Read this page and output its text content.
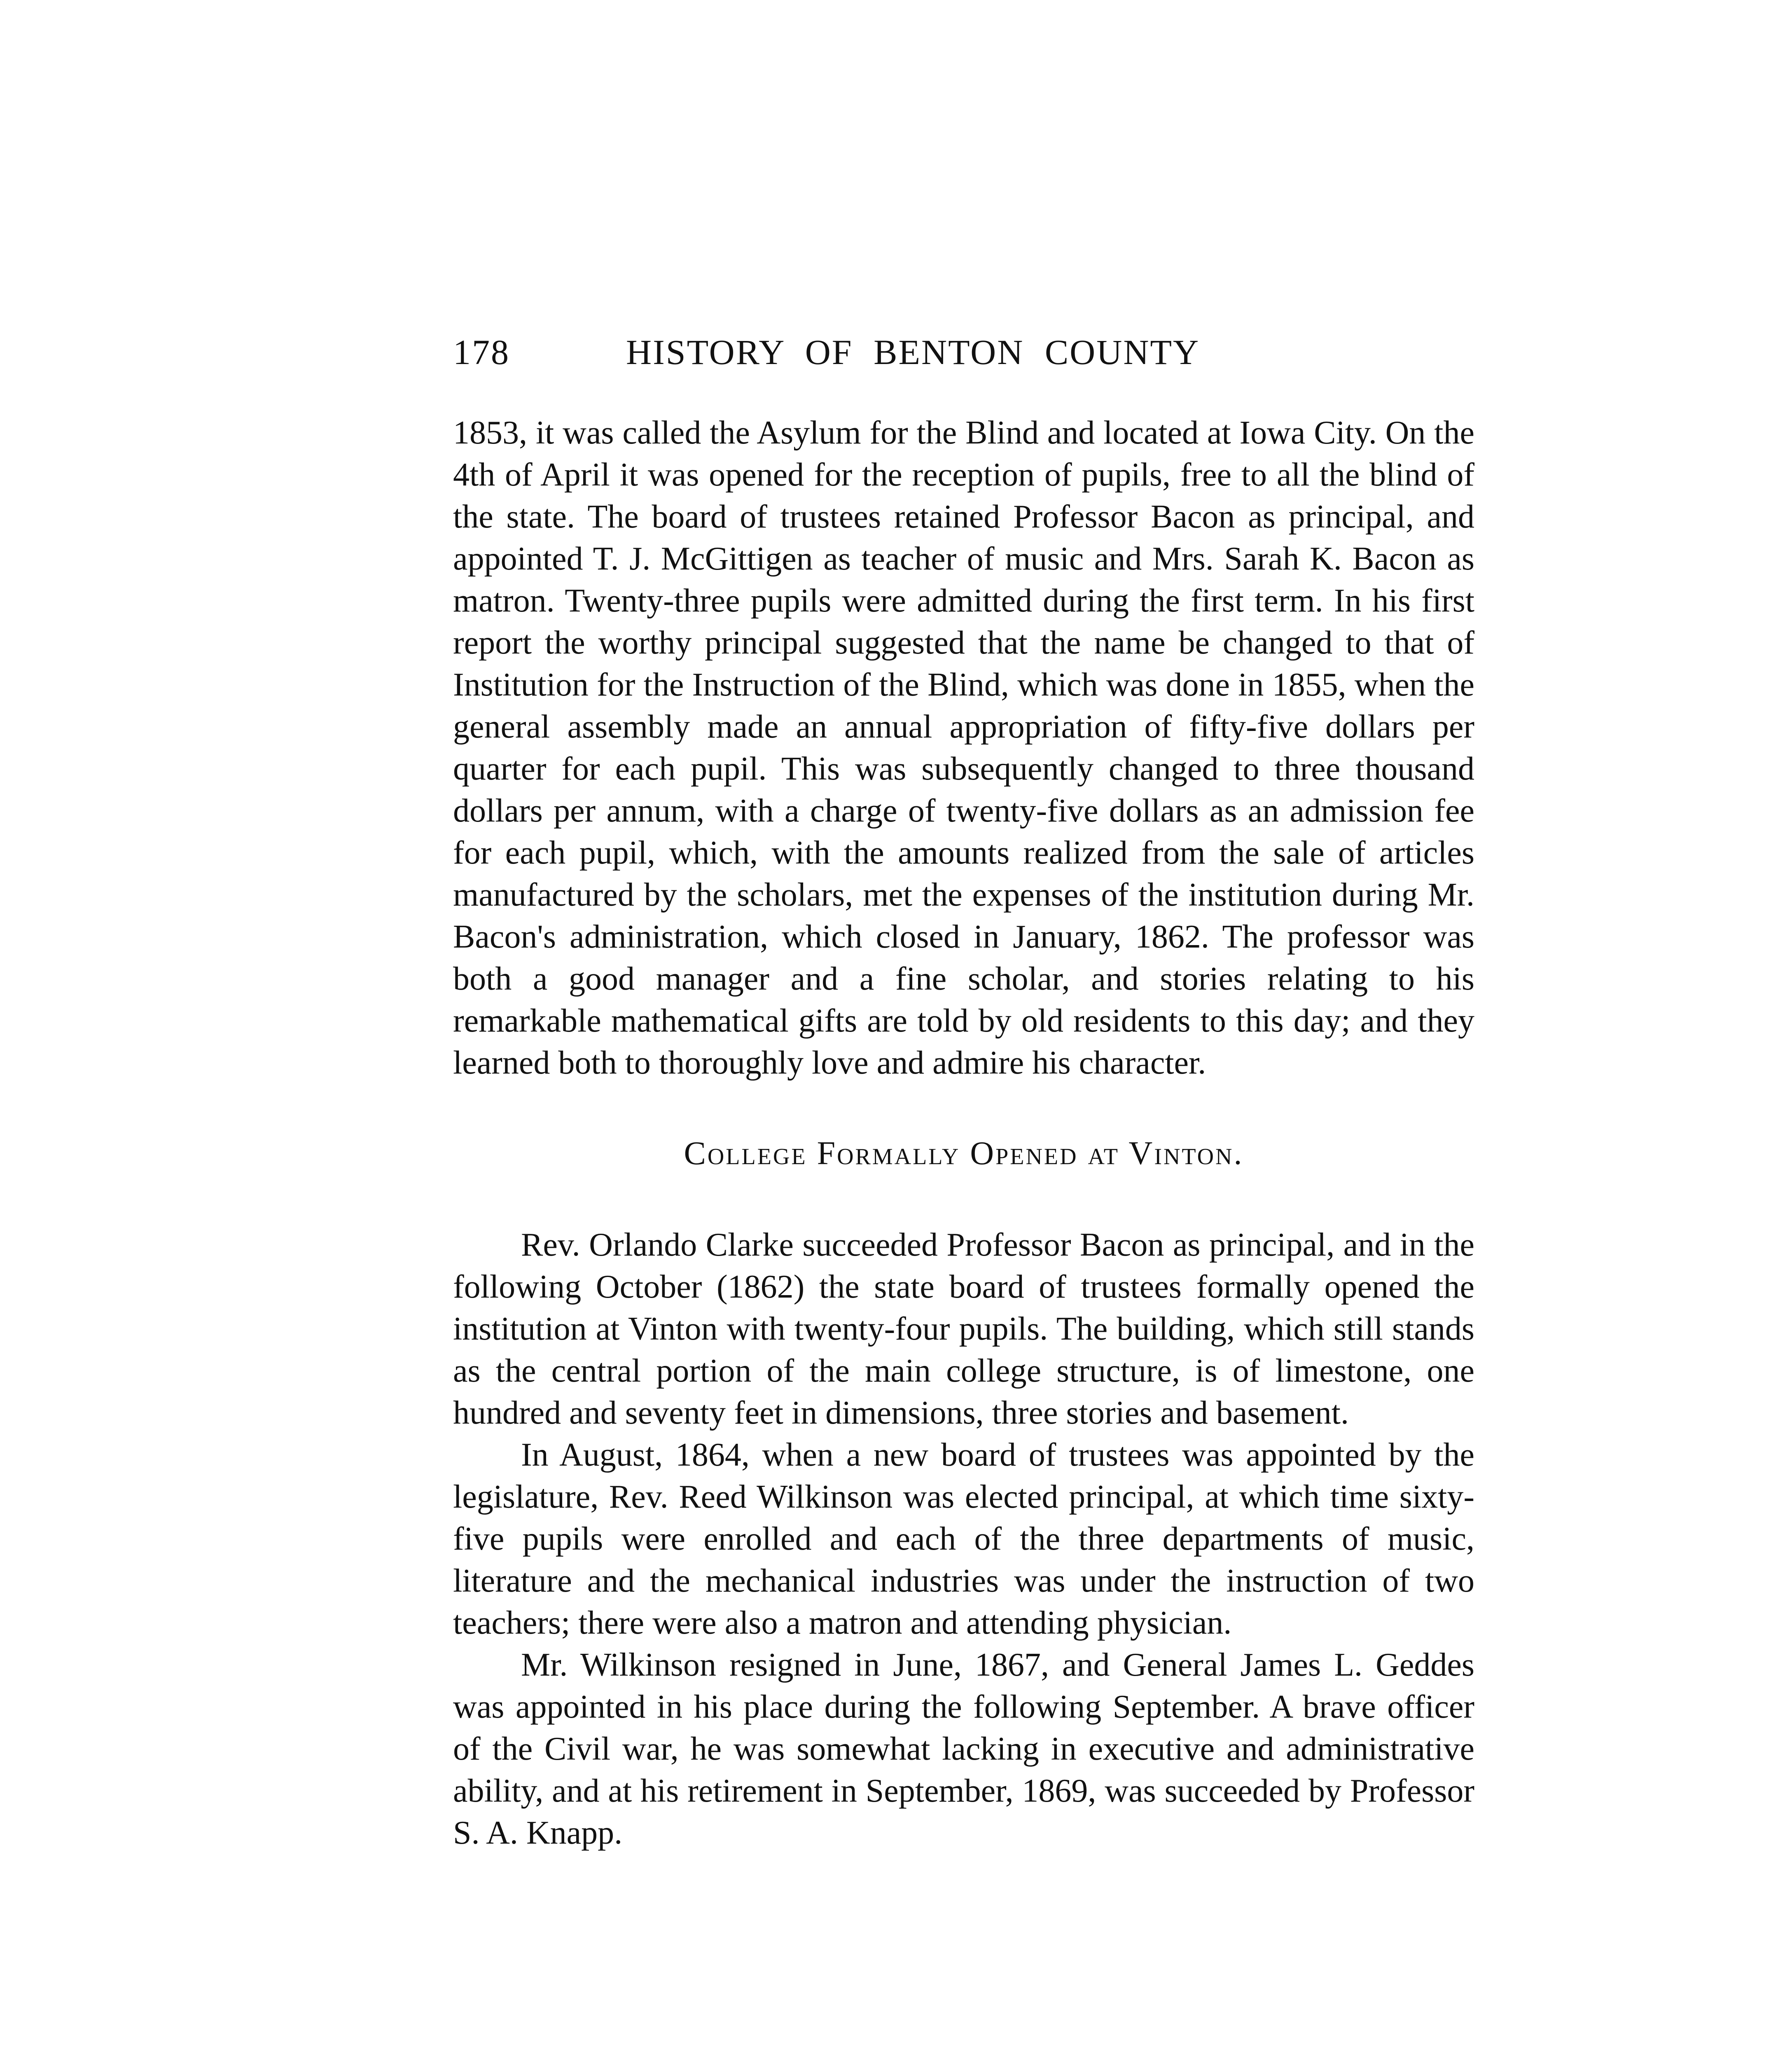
178	HISTORY OF BENTON COUNTY

1853, it was called the Asylum for the Blind and located at Iowa City. On the 4th of April it was opened for the reception of pupils, free to all the blind of the state. The board of trustees retained Professor Bacon as principal, and appointed T. J. McGittigen as teacher of music and Mrs. Sarah K. Bacon as matron. Twenty-three pupils were admitted during the first term. In his first report the worthy principal suggested that the name be changed to that of Institution for the Instruction of the Blind, which was done in 1855, when the general assembly made an annual appropriation of fifty-five dollars per quarter for each pupil. This was subsequently changed to three thousand dollars per annum, with a charge of twenty-five dollars as an admission fee for each pupil, which, with the amounts realized from the sale of articles manufactured by the scholars, met the expenses of the institution during Mr. Bacon's administration, which closed in January, 1862. The professor was both a good manager and a fine scholar, and stories relating to his remarkable mathematical gifts are told by old residents to this day; and they learned both to thoroughly love and admire his character.

College Formally Opened at Vinton.

Rev. Orlando Clarke succeeded Professor Bacon as principal, and in the following October (1862) the state board of trustees formally opened the institution at Vinton with twenty-four pupils. The building, which still stands as the central portion of the main college structure, is of limestone, one hundred and seventy feet in dimensions, three stories and basement.

In August, 1864, when a new board of trustees was appointed by the legislature, Rev. Reed Wilkinson was elected principal, at which time sixty-five pupils were enrolled and each of the three departments of music, literature and the mechanical industries was under the instruction of two teachers; there were also a matron and attending physician.

Mr. Wilkinson resigned in June, 1867, and General James L. Geddes was appointed in his place during the following September. A brave officer of the Civil war, he was somewhat lacking in executive and administrative ability, and at his retirement in September, 1869, was succeeded by Professor S. A. Knapp.
